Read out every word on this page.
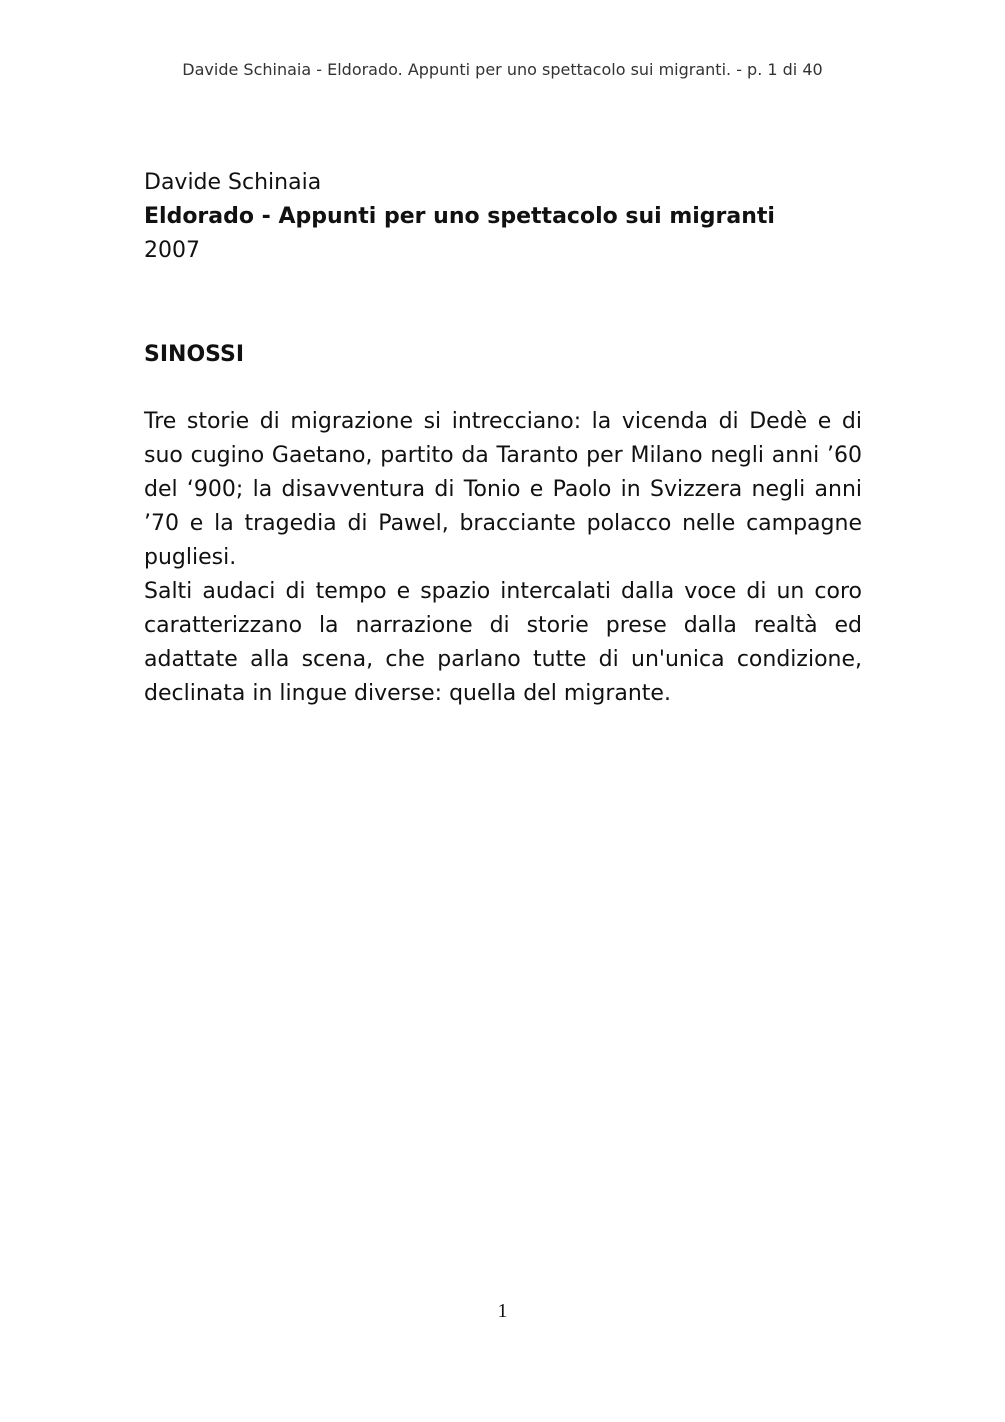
Davide Schinaia - Eldorado. Appunti per uno spettacolo sui migranti. - p. 1 di 40
Davide Schinaia
Eldorado - Appunti per uno spettacolo sui migranti
2007
SINOSSI

Tre storie di migrazione si intrecciano: la vicenda di Dedè e di suo cugino Gaetano, partito da Taranto per Milano negli anni ’60 del ‘900; la disavventura di Tonio e Paolo in Svizzera negli anni ’70 e la tragedia di Pawel, bracciante polacco nelle campagne pugliesi.

Salti audaci di tempo e spazio intercalati dalla voce di un coro caratterizzano la narrazione di storie prese dalla realtà ed adattate alla scena, che parlano tutte di un'unica condizione, declinata in lingue diverse: quella del migrante.

1
